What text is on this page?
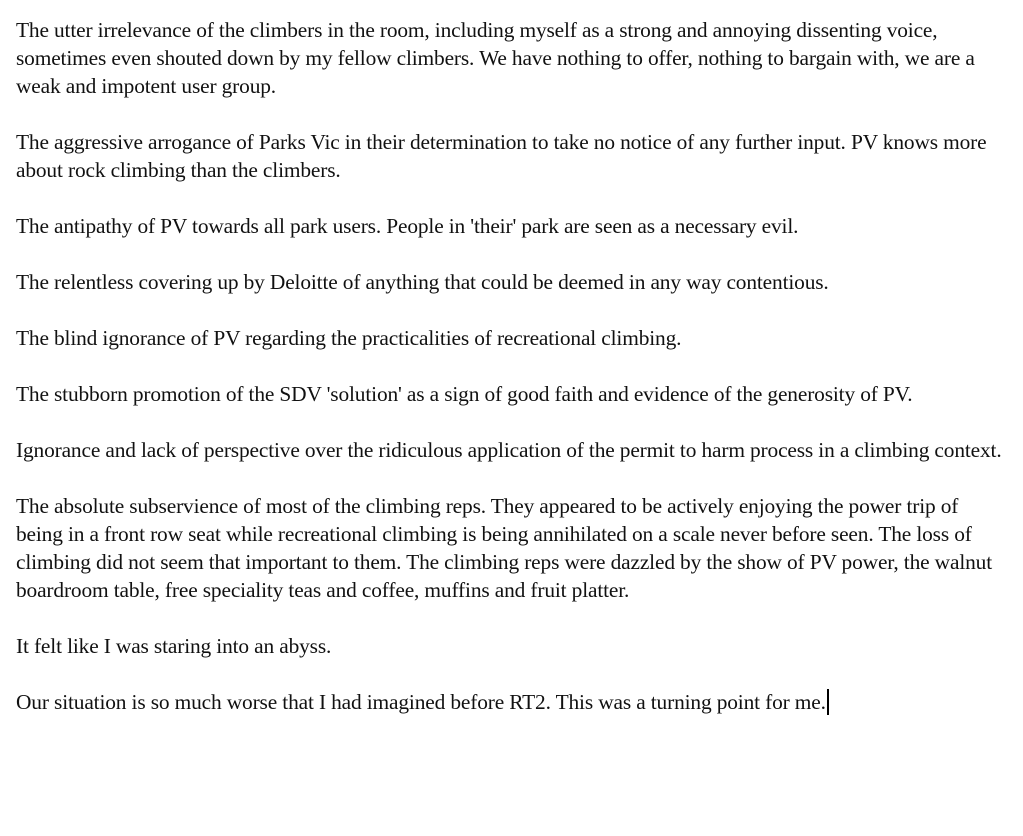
The utter irrelevance of the climbers in the room, including myself as a strong and annoying dissenting voice, sometimes even shouted down by my fellow climbers. We have nothing to offer, nothing to bargain with, we are a weak and impotent user group.

The aggressive arrogance of Parks Vic in their determination to take no notice of any further input. PV knows more about rock climbing than the climbers.

The antipathy of PV towards all park users. People in 'their' park are seen as a necessary evil.

The relentless covering up by Deloitte of anything that could be deemed in any way contentious.

The blind ignorance of PV regarding the practicalities of recreational climbing.

The stubborn promotion of the SDV 'solution' as a sign of good faith and evidence of the generosity of PV.

Ignorance and lack of perspective over the ridiculous application of the permit to harm process in a climbing context.

The absolute subservience of most of the climbing reps. They appeared to be actively enjoying the power trip of being in a front row seat while recreational climbing is being annihilated on a scale never before seen. The loss of climbing did not seem that important to them. The climbing reps were dazzled by the show of PV power, the walnut boardroom table, free speciality teas and coffee, muffins and fruit platter.

It felt like I was staring into an abyss.

Our situation is so much worse that I had imagined before RT2. This was a turning point for me.
